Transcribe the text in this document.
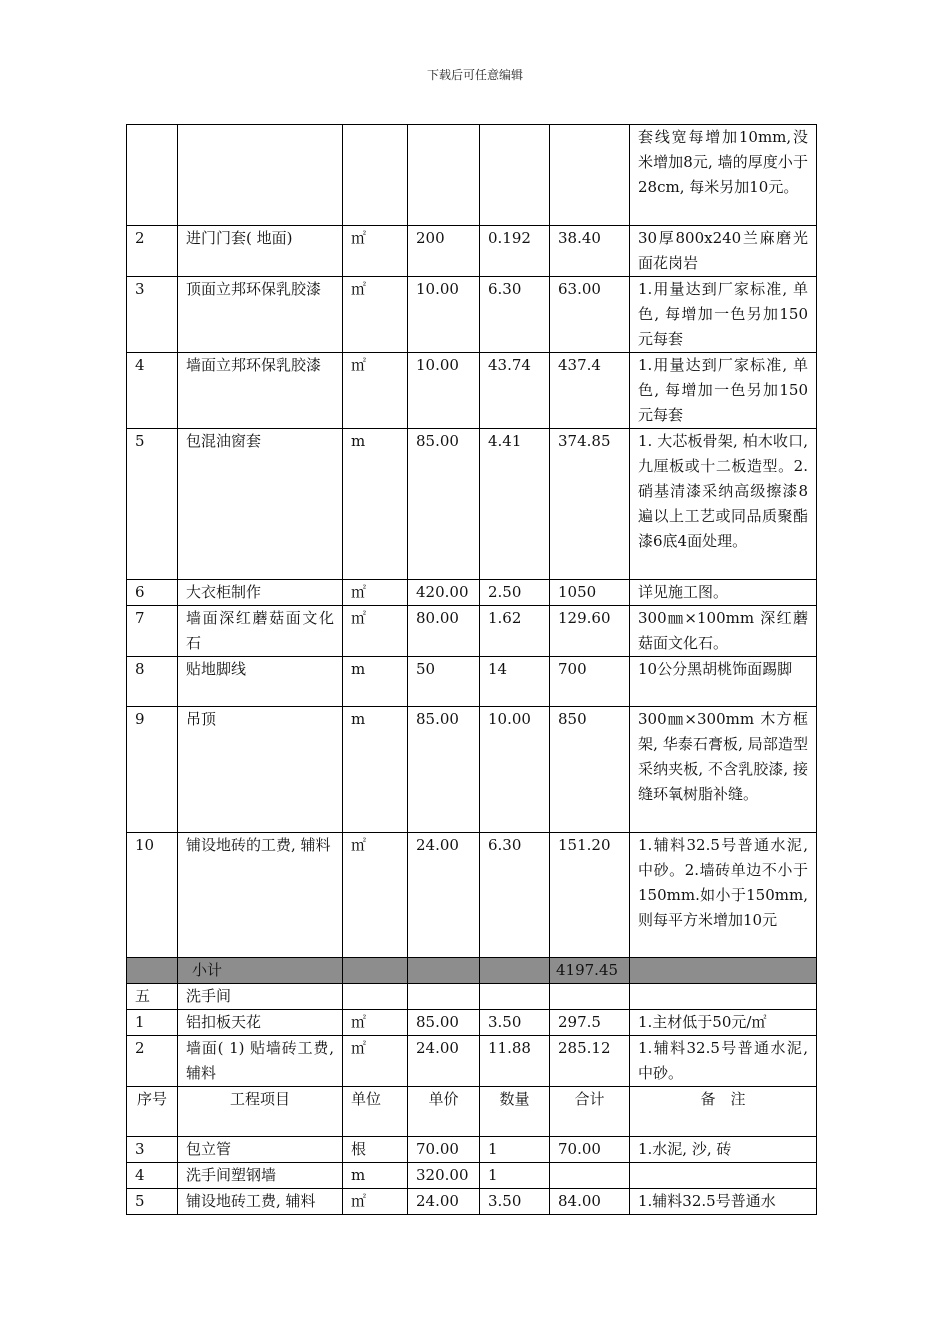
下载后可任意编辑
						套线宽每增加10mm,没米增加8元, 墙的厚度小于28cm, 每米另加10元。
2	进门门套( 地面)	㎡	200	0.192	38.40	30厚800x240兰麻磨光面花岗岩
3	顶面立邦环保乳胶漆	㎡	10.00	6.30	63.00	1.用量达到厂家标准, 单色, 每增加一色另加150元每套
4	墙面立邦环保乳胶漆	㎡	10.00	43.74	437.4	1.用量达到厂家标准, 单色, 每增加一色另加150元每套
5	包混油窗套	m	85.00	4.41	374.85	1. 大芯板骨架, 柏木收口, 九厘板或十二板造型。2.硝基清漆采纳高级擦漆8遍以上工艺或同品质聚酯漆6底4面处理。
6	大衣柜制作	㎡	420.00	2.50	1050	详见施工图。
7	墙面深红蘑菇面文化石	㎡	80.00	1.62	129.60	300㎜×100mm 深红蘑菇面文化石。
8	贴地脚线	m	50	14	700	10公分黑胡桃饰面踢脚
9	吊顶	m	85.00	10.00	850	300㎜×300mm 木方框架, 华泰石膏板, 局部造型采纳夹板, 不含乳胶漆, 接缝环氧树脂补缝。
10	铺设地砖的工费, 辅料	㎡	24.00	6.30	151.20	1.辅料32.5号普通水泥, 中砂。2.墙砖单边不小于150mm.如小于150mm, 则每平方米增加10元
	小计				4197.45	
五	洗手间					
1	铝扣板天花	㎡	85.00	3.50	297.5	1.主材低于50元/㎡
2	墙面( 1) 贴墙砖工费, 辅料	㎡	24.00	11.88	285.12	1.辅料32.5号普通水泥, 中砂。
序号	工程项目	单位	单价	数量	合计	备　注
3	包立管	根	70.00	1	70.00	1.水泥, 沙, 砖
4	洗手间塑钢墙	m	320.00	1		
5	铺设地砖工费, 辅料	㎡	24.00	3.50	84.00	1.辅料32.5号普通水
